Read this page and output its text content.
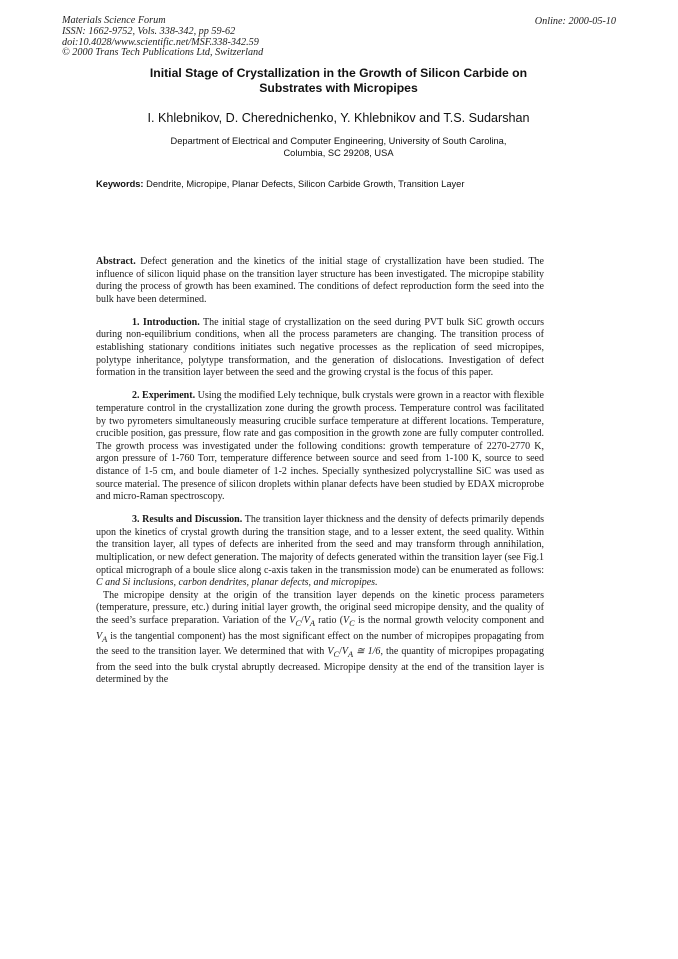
Materials Science Forum
ISSN: 1662-9752, Vols. 338-342, pp 59-62
doi:10.4028/www.scientific.net/MSF.338-342.59
© 2000 Trans Tech Publications Ltd, Switzerland
Online: 2000-05-10
Initial Stage of Crystallization in the Growth of Silicon Carbide on
Substrates with Micropipes
I. Khlebnikov, D. Cherednichenko, Y. Khlebnikov and T.S. Sudarshan
Department of Electrical and Computer Engineering, University of South Carolina,
Columbia, SC 29208, USA
Keywords: Dendrite, Micropipe, Planar Defects, Silicon Carbide Growth, Transition Layer

Abstract. Defect generation and the kinetics of the initial stage of crystallization have been studied. The influence of silicon liquid phase on the transition layer structure has been investigated. The micropipe stability during the process of growth has been examined. The conditions of defect reproduction form the seed into the bulk have been determined.

1. Introduction. The initial stage of crystallization on the seed during PVT bulk SiC growth occurs during non-equilibrium conditions, when all the process parameters are changing. The transition process of establishing stationary conditions initiates such negative processes as the replication of seed micropipes, polytype inheritance, polytype transformation, and the generation of dislocations. Investigation of defect formation in the transition layer between the seed and the growing crystal is the focus of this paper.

2. Experiment. Using the modified Lely technique, bulk crystals were grown in a reactor with flexible temperature control in the crystallization zone during the growth process. Temperature control was facilitated by two pyrometers simultaneously measuring crucible surface temperature at different locations. Temperature, crucible position, gas pressure, flow rate and gas composition in the growth zone are fully computer controlled. The growth process was investigated under the following conditions: growth temperature of 2270-2770 K, argon pressure of 1-760 Torr, temperature difference between source and seed from 1-100 K, source to seed distance of 1-5 cm, and boule diameter of 1-2 inches. Specially synthesized polycrystalline SiC was used as source material. The presence of silicon droplets within planar defects have been studied by EDAX microprobe and micro-Raman spectroscopy.

3. Results and Discussion. The transition layer thickness and the density of defects primarily depends upon the kinetics of crystal growth during the transition stage, and to a lesser extent, the seed quality. Within the transition layer, all types of defects are inherited from the seed and may transform through annihilation, multiplication, or new defect generation. The majority of defects generated within the transition layer (see Fig.1 optical micrograph of a boule slice along c-axis taken in the transmission mode) can be enumerated as follows: C and Si inclusions, carbon dendrites, planar defects, and micropipes.

The micropipe density at the origin of the transition layer depends on the kinetic process parameters (temperature, pressure, etc.) during initial layer growth, the original seed micropipe density, and the quality of the seed’s surface preparation. Variation of the $V_C/V_A$ ratio ($V_C$ is the normal growth velocity component and $V_A$ is the tangential component) has the most significant effect on the number of micropipes propagating from the seed to the transition layer. We determined that with $V_C/V_A$ ≅ 1/6, the quantity of micropipes propagating from the seed into the bulk crystal abruptly decreased. Micropipe density at the end of the transition layer is determined by the
